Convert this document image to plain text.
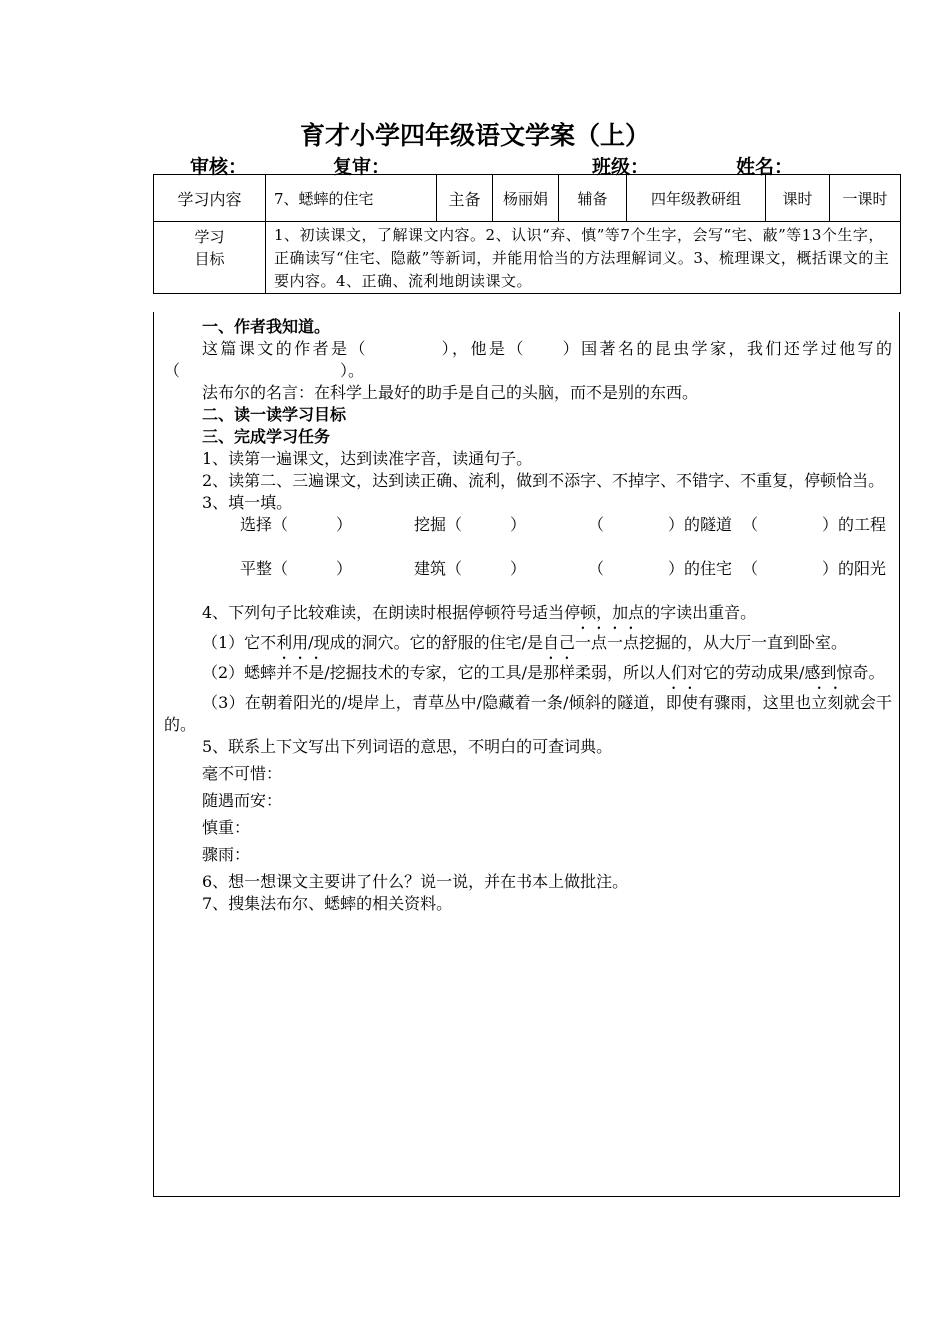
育才小学四年级语文学案（上）
审核：	复审：	班级：	姓名：
学习内容	7、蟋蟀的住宅	主备	杨丽娟	辅备	四年级教研组	课时	一课时

学习
目标	1、初读课文，了解课文内容。2、认识“弃、慎”等7个生字，会写“宅、蔽”等13个生字，正确读写“住宅、隐蔽”等新词，并能用恰当的方法理解词义。3、梳理课文，概括课文的主要内容。4、正确、流利地朗读课文。						

一、作者我知道。

这篇课文的作者是（　　　　），他是（　　）国著名的昆虫学家，我们还学过他写的（　　　　　　　　　　）。

法布尔的名言：在科学上最好的助手是自己的头脑，而不是别的东西。

二、读一读学习目标

三、完成学习任务

1、读第一遍课文，达到读准字音，读通句子。

2、读第二、三遍课文，达到读正确、流利，做到不添字、不掉字、不错字、不重复，停顿恰当。

3、填一填。

选择（　　　）	挖掘（　　　）	（　　　　）的隧道 （　　　　）的工程
平整（　　　）	建筑（　　　）	（　　　　）的住宅 （　　　　）的阳光

4、下列句子比较难读，在朗读时根据停顿符号适当停顿，加点的字读出重音。

（1）它不利用/现成的洞穴。它的舒服的住宅/是自己一点一点挖掘的，从大厅一直到卧室。

（2）蟋蟀并不是/挖掘技术的专家，它的工具/是那样柔弱，所以人们对它的劳动成果/感到惊奇。

（3）在朝着阳光的/堤岸上，青草丛中/隐藏着一条/倾斜的隧道，即使有骤雨，这里也立刻就会干的。

5、联系上下文写出下列词语的意思，不明白的可查词典。

毫不可惜：

随遇而安：

慎重：

骤雨：

6、想一想课文主要讲了什么？说一说，并在书本上做批注。

7、搜集法布尔、蟋蟀的相关资料。
